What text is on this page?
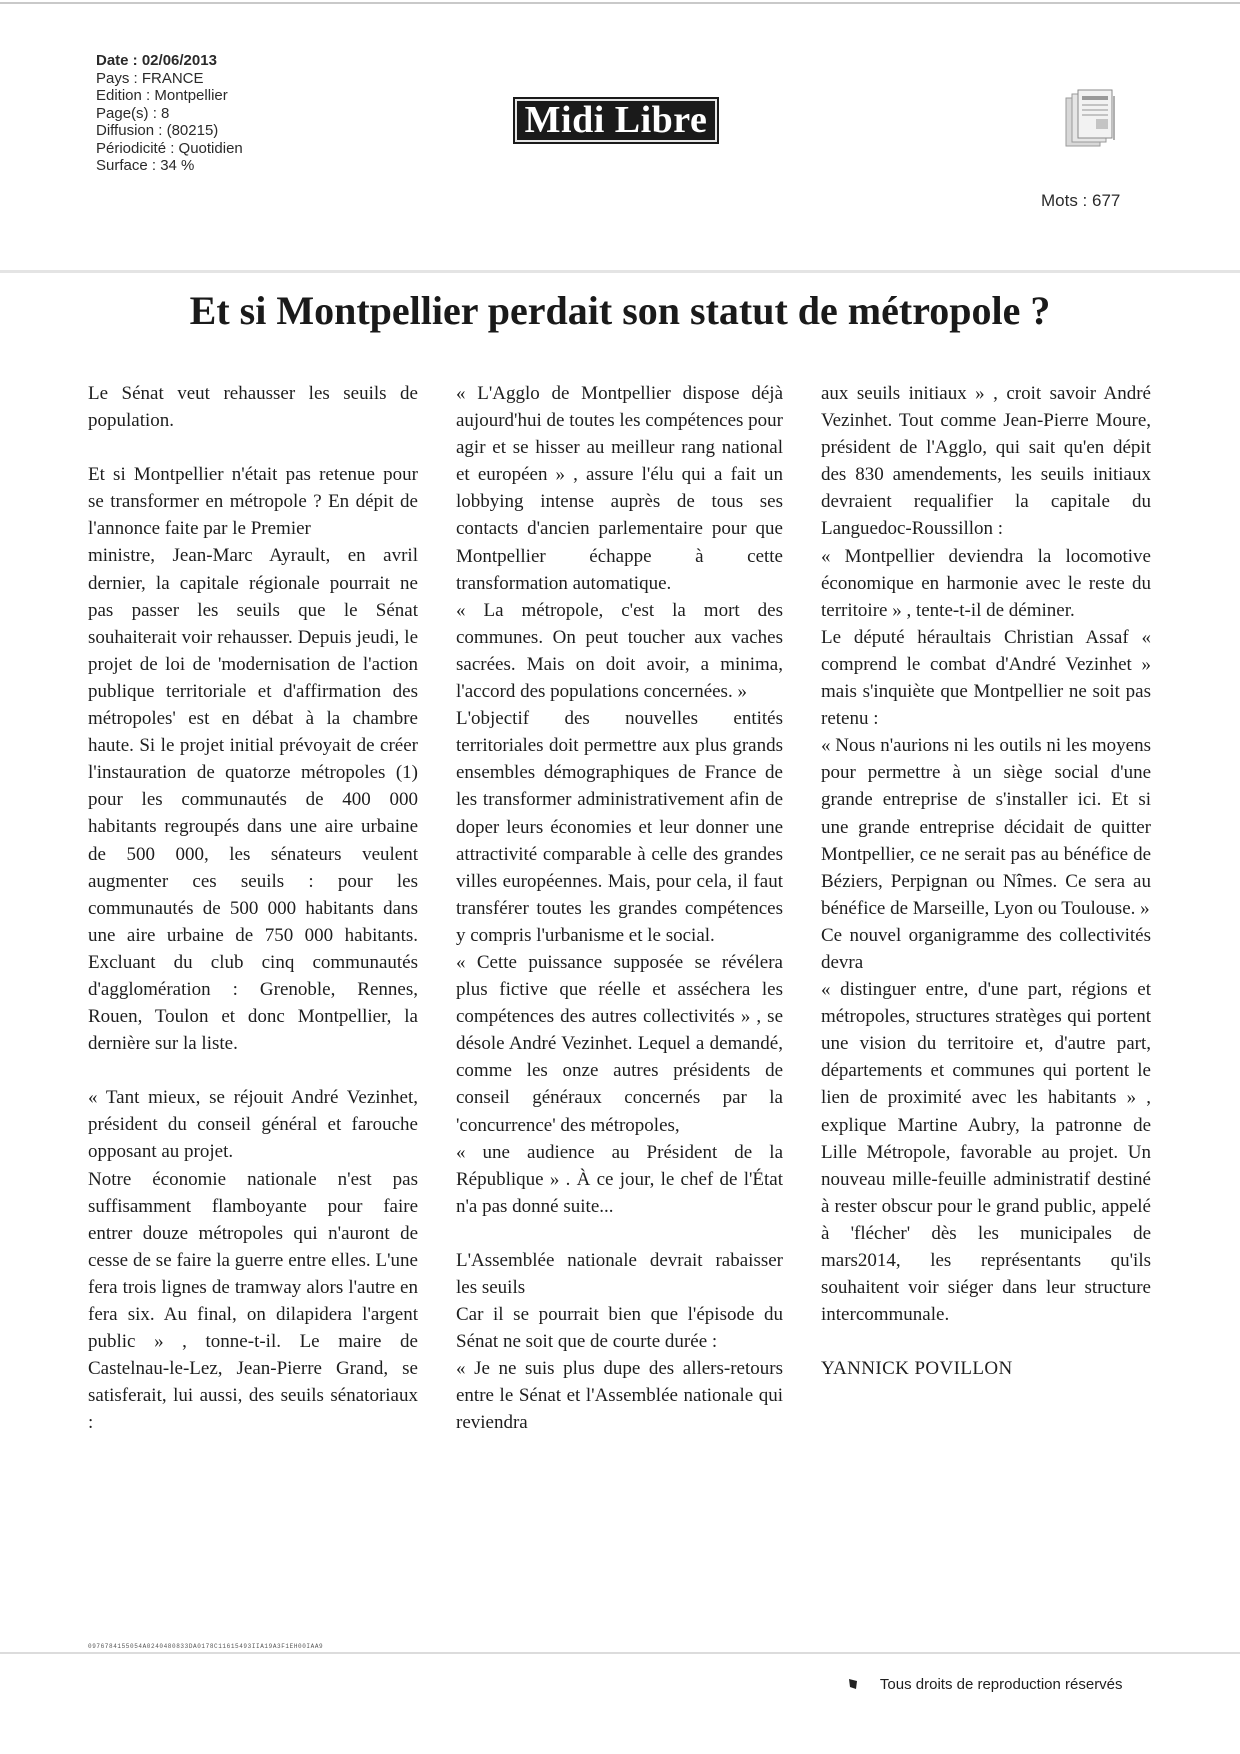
Date : 02/06/2013
Pays : FRANCE
Edition : Montpellier
Page(s) : 8
Diffusion : (80215)
Périodicité : Quotidien
Surface : 34 %
Midi Libre
Mots : 677
Et si Montpellier perdait son statut de métropole ?

Le Sénat veut rehausser les seuils de population.

Et si Montpellier n'était pas retenue pour se transformer en métropole ? En dépit de l'annonce faite par le Premier

ministre, Jean-Marc Ayrault, en avril dernier, la capitale régionale pourrait ne pas passer les seuils que le Sénat souhaiterait voir rehausser. Depuis jeudi, le projet de loi de 'modernisation de l'action publique territoriale et d'affirmation des métropoles' est en débat à la chambre haute. Si le projet initial prévoyait de créer l'instauration de quatorze métropoles (1) pour les communautés de 400 000 habitants regroupés dans une aire urbaine de 500 000, les sénateurs veulent augmenter ces seuils : pour les communautés de 500 000 habitants dans une aire urbaine de 750 000 habitants. Excluant du club cinq communautés d'agglomération : Grenoble, Rennes, Rouen, Toulon et donc Montpellier, la dernière sur la liste.

« Tant mieux, se réjouit André Vezinhet, président du conseil général et farouche opposant au projet.

Notre économie nationale n'est pas suffisamment flamboyante pour faire entrer douze métropoles qui n'auront de cesse de se faire la guerre entre elles. L'une fera trois lignes de tramway alors l'autre en fera six. Au final, on dilapidera l'argent public » , tonne-t-il. Le maire de Castelnau-le-Lez, Jean-Pierre Grand, se satisferait, lui aussi, des seuils sénatoriaux :

« L'Agglo de Montpellier dispose déjà aujourd'hui de toutes les compétences pour agir et se hisser au meilleur rang national et européen » , assure l'élu qui a fait un lobbying intense auprès de tous ses contacts d'ancien parlementaire pour que Montpellier échappe à cette transformation automatique.

« La métropole, c'est la mort des communes. On peut toucher aux vaches sacrées. Mais on doit avoir, a minima, l'accord des populations concernées. »

L'objectif des nouvelles entités territoriales doit permettre aux plus grands ensembles démographiques de France de les transformer administrativement afin de doper leurs économies et leur donner une attractivité comparable à celle des grandes villes européennes. Mais, pour cela, il faut transférer toutes les grandes compétences y compris l'urbanisme et le social.

« Cette puissance supposée se révélera plus fictive que réelle et asséchera les compétences des autres collectivités » , se désole André Vezinhet. Lequel a demandé, comme les onze autres présidents de conseil généraux concernés par la 'concurrence' des métropoles,

« une audience au Président de la République » . À ce jour, le chef de l'État n'a pas donné suite...

L'Assemblée nationale devrait rabaisser les seuils

Car il se pourrait bien que l'épisode du Sénat ne soit que de courte durée :

« Je ne suis plus dupe des allers-retours entre le Sénat et l'Assemblée nationale qui reviendra

aux seuils initiaux » , croit savoir André Vezinhet. Tout comme Jean-Pierre Moure, président de l'Agglo, qui sait qu'en dépit des 830 amendements, les seuils initiaux devraient requalifier la capitale du Languedoc-Roussillon :

« Montpellier deviendra la locomotive économique en harmonie avec le reste du territoire » , tente-t-il de déminer.

Le député héraultais Christian Assaf « comprend le combat d'André Vezinhet » mais s'inquiète que Montpellier ne soit pas retenu :

« Nous n'aurions ni les outils ni les moyens pour permettre à un siège social d'une grande entreprise de s'installer ici. Et si une grande entreprise décidait de quitter Montpellier, ce ne serait pas au bénéfice de Béziers, Perpignan ou Nîmes. Ce sera au bénéfice de Marseille, Lyon ou Toulouse. »

Ce nouvel organigramme des collectivités devra

« distinguer entre, d'une part, régions et métropoles, structures stratèges qui portent une vision du territoire et, d'autre part, départements et communes qui portent le lien de proximité avec les habitants » , explique Martine Aubry, la patronne de Lille Métropole, favorable au projet. Un nouveau mille-feuille administratif destiné à rester obscur pour le grand public, appelé à 'flécher' dès les municipales de mars2014, les représentants qu'ils souhaitent voir siéger dans leur structure intercommunale.

YANNICK POVILLON

0976784155054A0240480833DA0178C11615493IIA19A3F1EH00IAA9
Tous droits de reproduction réservés
